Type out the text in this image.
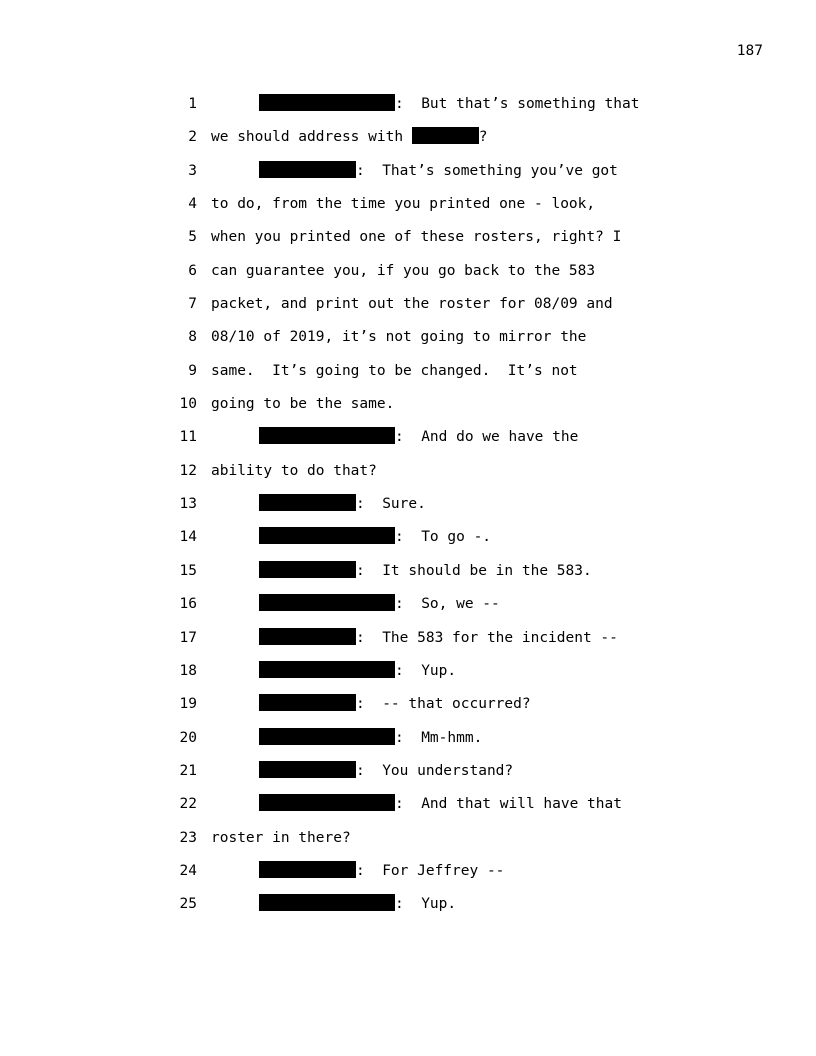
187
1	:  But that’s something that
2 we should address with	?
3	:  That’s something you’ve got
4 to do, from the time you printed one - look,
5 when you printed one of these rosters, right? I
6 can guarantee you, if you go back to the 583
7 packet, and print out the roster for 08/09 and
8 08/10 of 2019, it’s not going to mirror the
9 same.  It’s going to be changed.  It’s not
10 going to be the same.
11	:  And do we have the
12 ability to do that?
13	:  Sure.
14	:  To go -.
15	:  It should be in the 583.
16	:  So, we --
17	:  The 583 for the incident --
18	:  Yup.
19	:  -- that occurred?
20	:  Mm-hmm.
21	:  You understand?
22	:  And that will have that
23 roster in there?
24	:  For Jeffrey --
25	:  Yup.
